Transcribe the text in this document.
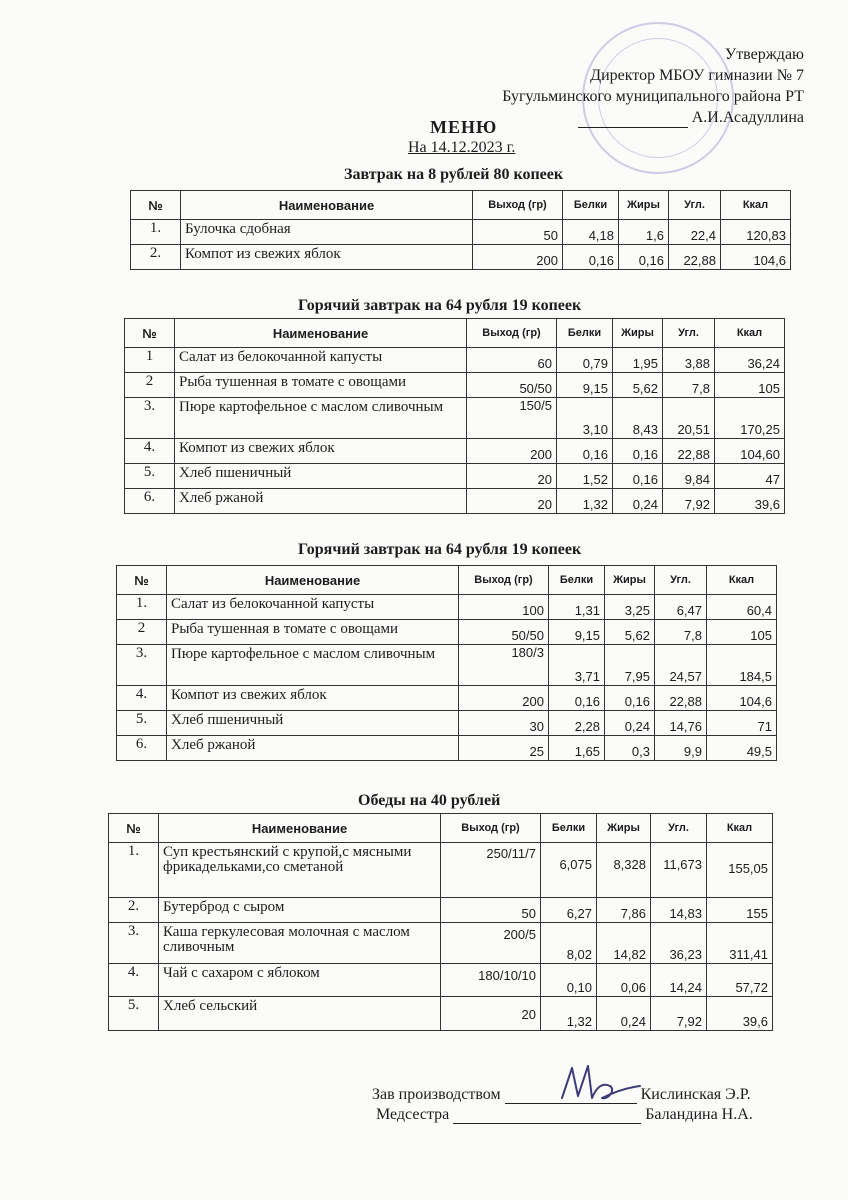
Утверждаю
Директор МБОУ гимназии № 7
Бугульминского муниципального района РТ
А.И.Асадуллина
МЕНЮ
На 14.12.2023 г.
Завтрак на 8 рублей 80 копеек
№	Наименование	Выход (гр)	Белки	Жиры	Угл.	Ккал
1.	Булочка сдобная	50	4,18	1,6	22,4	120,83
2.	Компот из свежих яблок	200	0,16	0,16	22,88	104,6
Горячий завтрак на 64 рубля 19 копеек
№	Наименование	Выход (гр)	Белки	Жиры	Угл.	Ккал
1	Салат из белокочанной капусты	60	0,79	1,95	3,88	36,24
2	Рыба тушенная в томате с овощами	50/50	9,15	5,62	7,8	105
3.	Пюре картофельное с маслом сливочным	150/5	3,10	8,43	20,51	170,25
4.	Компот из свежих яблок	200	0,16	0,16	22,88	104,60
5.	Хлеб пшеничный	20	1,52	0,16	9,84	47
6.	Хлеб ржаной	20	1,32	0,24	7,92	39,6
Горячий завтрак на 64 рубля 19 копеек
№	Наименование	Выход (гр)	Белки	Жиры	Угл.	Ккал
1.	Салат из белокочанной капусты	100	1,31	3,25	6,47	60,4
2	Рыба тушенная в томате с овощами	50/50	9,15	5,62	7,8	105
3.	Пюре картофельное с маслом сливочным	180/3	3,71	7,95	24,57	184,5
4.	Компот из свежих яблок	200	0,16	0,16	22,88	104,6
5.	Хлеб пшеничный	30	2,28	0,24	14,76	71
6.	Хлеб ржаной	25	1,65	0,3	9,9	49,5
Обеды на 40 рублей
№	Наименование	Выход (гр)	Белки	Жиры	Угл.	Ккал
1.	Суп крестьянский с крупой,с мясными фрикадельками,со сметаной	250/11/7	6,075	8,328	11,673	155,05
2.	Бутерброд с сыром	50	6,27	7,86	14,83	155
3.	Каша геркулесовая молочная с маслом сливочным	200/5	8,02	14,82	36,23	311,41
4.	Чай с сахаром с яблоком	180/10/10	0,10	0,06	14,24	57,72
5.	Хлеб сельский	20	1,32	0,24	7,92	39,6
Зав производством	Кислинская Э.Р.
Медсестра	Баландина Н.А.
